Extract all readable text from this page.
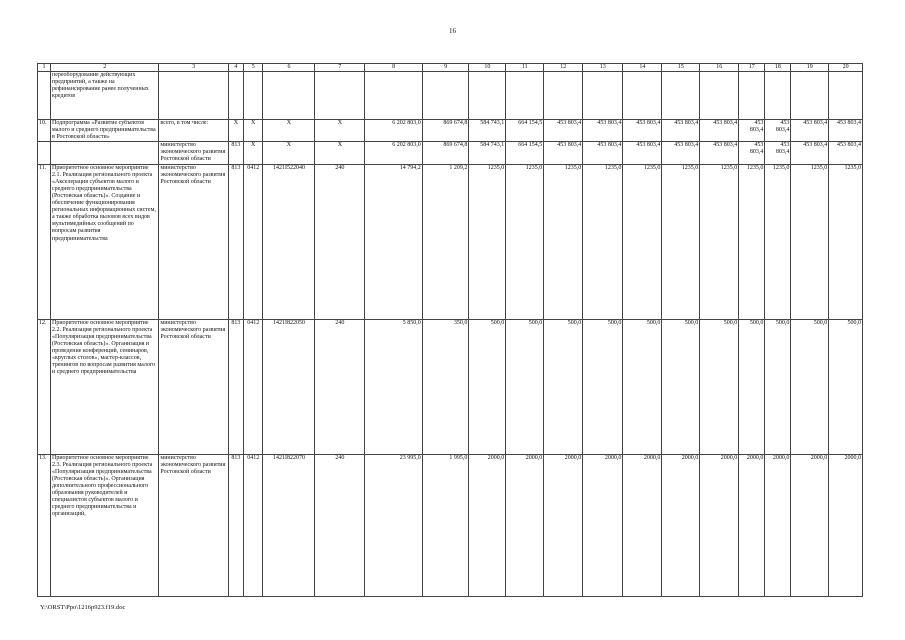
16
1	2	3	4	5	6	7	8	9	10	11	12	13	14	15	16	17	18	19	20
	переоборудование действующих предприятий, а также на рефинансирование ранее полученных кредитов																		
10.	Подпрограмма «Развитие субъектов малого и среднего предпринимательства в Ростовской области»	всего, в том числе:	X	X	X	X	6 202 803,0	869 674,8	584 743,1	664 154,5	453 803,4	453 803,4	453 803,4	453 803,4	453 803,4	453 803,4	453 803,4	453 803,4	453 803,4
		министерство экономического развития Ростовской области	813	X	X	X	6 202 803,0	869 674,8	584 743,1	664 154,5	453 803,4	453 803,4	453 803,4	453 803,4	453 803,4	453 803,4	453 803,4	453 803,4	453 803,4
11.	Приоритетное основное мероприятие 2.1. Реализация регионального проекта «Акселерация субъектов малого и среднего предпринимательства (Ростовская область)». Создание и обеспечение функционирования региональных информационных систем, а также обработка вызовов всех видов мультимедийных сообщений по вопросам развития предпринимательства	министерство экономического развития Ростовской области	813	0412	1421I522040	240	14 794,2	1 209,2	1235,0	1235,0	1235,0	1235,0	1235,0	1235,0	1235,0	1235,0	1235,0	1235,0	1235,0
12.	Приоритетное основное мероприятие 2.2. Реализация регионального проекта «Популяризация предпринимательства (Ростовская область)». Организация и проведение конференций, семинаров, «круглых столов», мастер-классов, тренингов по вопросам развития малого и среднего предпринимательства	министерство экономического развития Ростовской области	813	0412	1421I822050	240	5 850,0	350,0	500,0	500,0	500,0	500,0	500,0	500,0	500,0	500,0	500,0	500,0	500,0
13.	Приоритетное основное мероприятие 2.3. Реализация регионального проекта «Популяризация предпринимательства (Ростовская область)». Организация дополнительного профессионального образования руководителей и специалистов субъектов малого и среднего предпринимательства и организаций,	министерство экономического развития Ростовской области	813	0412	1421I822070	240	23 995,0	1 995,0	2000,0	2000,0	2000,0	2000,0	2000,0	2000,0	2000,0	2000,0	2000,0	2000,0	2000,0
Y:\ORST\Ppo\1216p923.f19.doc
